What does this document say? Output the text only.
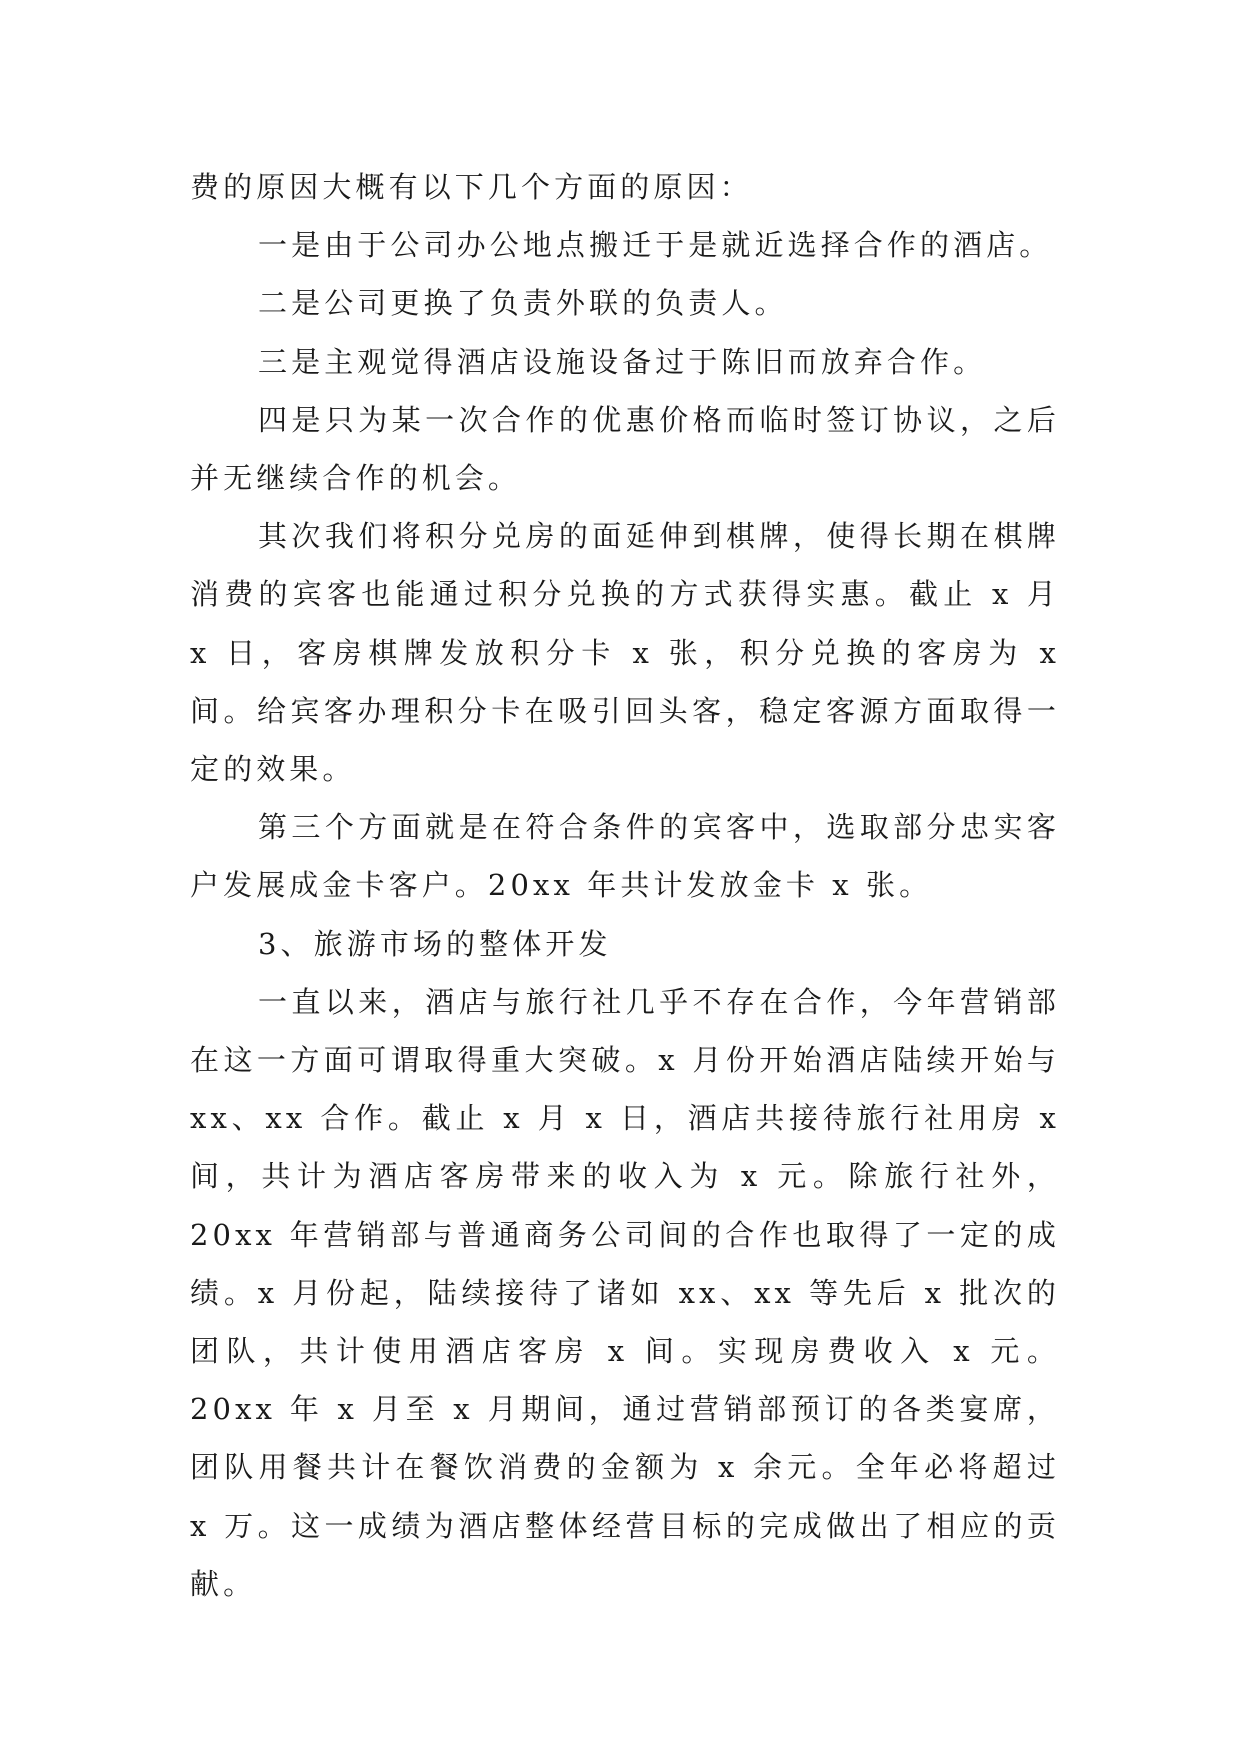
费的原因大概有以下几个方面的原因：

一是由于公司办公地点搬迁于是就近选择合作的酒店。

二是公司更换了负责外联的负责人。

三是主观觉得酒店设施设备过于陈旧而放弃合作。

四是只为某一次合作的优惠价格而临时签订协议，之后并无继续合作的机会。

其次我们将积分兑房的面延伸到棋牌，使得长期在棋牌消费的宾客也能通过积分兑换的方式获得实惠。截止 x 月 x 日，客房棋牌发放积分卡 x 张，积分兑换的客房为 x 间。给宾客办理积分卡在吸引回头客，稳定客源方面取得一定的效果。

第三个方面就是在符合条件的宾客中，选取部分忠实客户发展成金卡客户。20xx 年共计发放金卡 x 张。

3、旅游市场的整体开发

一直以来，酒店与旅行社几乎不存在合作，今年营销部在这一方面可谓取得重大突破。x 月份开始酒店陆续开始与 xx、xx 合作。截止 x 月 x 日，酒店共接待旅行社用房 x 间，共计为酒店客房带来的收入为 x 元。除旅行社外，20xx 年营销部与普通商务公司间的合作也取得了一定的成绩。x 月份起，陆续接待了诸如 xx、xx 等先后 x 批次的团队，共计使用酒店客房 x 间。实现房费收入 x 元。20xx 年 x 月至 x 月期间，通过营销部预订的各类宴席，团队用餐共计在餐饮消费的金额为 x 余元。全年必将超过 x 万。这一成绩为酒店整体经营目标的完成做出了相应的贡献。
